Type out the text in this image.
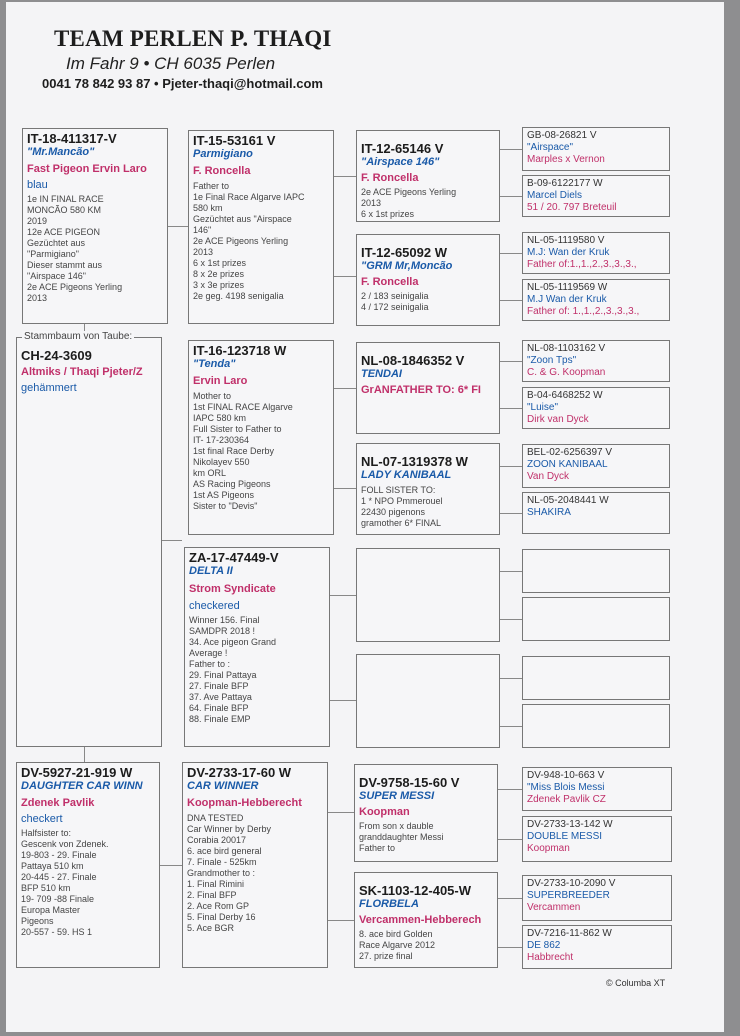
TEAM PERLEN P. THAQI
Im Fahr 9 • CH 6035 Perlen
0041 78 842 93 87 • Pjeter-thaqi@hotmail.com
IT-18-411317-V
"Mr.Mancão"
Fast Pigeon Ervin Laro
blau
1e IN FINAL RACE
MONCÃO 580 KM
2019
12e ACE PIGEON
Gezüchtet aus
"Parmigiano"
Dieser stammt aus
"Airspace 146"
2e ACE Pigeons Yerling
2013
CH-24-3609
Altmiks / Thaqi Pjeter/Z
gehämmert
Stammbaum von Taube:
DV-5927-21-919 W
DAUGHTER CAR WINN
Zdenek Pavlik
checkert
Halfsister to:
Gescenk von Zdenek.
19-803 - 29. Finale
Pattaya 510 km
20-445 - 27. Finale
BFP 510 km
19- 709 -88 Finale
Europa Master
Pigeons
20-557 - 59. HS 1
IT-15-53161 V
Parmigiano
F. Roncella
Father to
1e Final Race Algarve IAPC
580 km
Gezüchtet aus "Airspace
146"
2e ACE Pigeons Yerling
2013
6 x 1st prizes
8 x 2e prizes
3 x 3e prizes
2e geg. 4198 senigalia
IT-16-123718 W
"Tenda"
Ervin Laro
Mother to
1st FINAL RACE Algarve
IAPC 580 km
Full Sister to Father to
IT- 17-230364
1st final Race Derby
Nikolayev 550
km ORL
AS Racing Pigeons
1st AS Pigeons
Sister to "Devis"
ZA-17-47449-V
DELTA II
Strom Syndicate
checkered
Winner 156. Final
SAMDPR 2018 !
34. Ace pigeon Grand
Average !
Father to :
29. Final Pattaya
27. Finale BFP
37. Ave Pattaya
64. Finale BFP
88. Finale EMP
DV-2733-17-60 W
CAR WINNER
Koopman-Hebberecht
DNA TESTED
Car Winner by Derby
Corabia 20017
6. ace bird general
7. Finale - 525km
Grandmother to :
1. Final Rimini
2. Final BFP
2. Ace Rom GP
5. Final Derby 16
5. Ace BGR
IT-12-65146 V
"Airspace 146"
F. Roncella
2e ACE Pigeons Yerling
2013
6 x 1st prizes
IT-12-65092 W
"GRM Mr,Moncão
F. Roncella
2 / 183 seinigalia
4 / 172 seinigalia
NL-08-1846352 V
TENDAI
GrANFATHER TO: 6* FI
NL-07-1319378 W
LADY KANIBAAL
FOLL SISTER TO:
1 * NPO Pmmerouel
22430 pigenons
gramother 6* FINAL
DV-9758-15-60 V
SUPER MESSI
Koopman
From son x dauble
granddaughter Messi
Father to
SK-1103-12-405-W
FLORBELA
Vercammen-Hebberech
8. ace bird Golden
Race Algarve 2012
27. prize final
GB-08-26821 V
"Airspace"
Marples x Vernon
B-09-6122177 W
Marcel Diels
51 / 20. 797 Breteuil
NL-05-1119580 V
M.J: Wan der Kruk
Father of:1.,1.,2.,3.,3.,3.,
NL-05-1119569 W
M.J Wan der Kruk
Father of: 1.,1.,2.,3.,3.,3.,
NL-08-1103162 V
"Zoon Tps"
C. & G. Koopman
B-04-6468252 W
"Luise"
Dirk van Dyck
BEL-02-6256397 V
ZOON KANIBAAL
Van Dyck
NL-05-2048441 W
SHAKIRA
DV-948-10-663 V
"Miss Blois Messi
Zdenek Pavlik CZ
DV-2733-13-142 W
DOUBLE MESSI
Koopman
DV-2733-10-2090 V
SUPERBREEDER
Vercammen
DV-7216-11-862 W
DE 862
Habbrecht
© Columba XT
